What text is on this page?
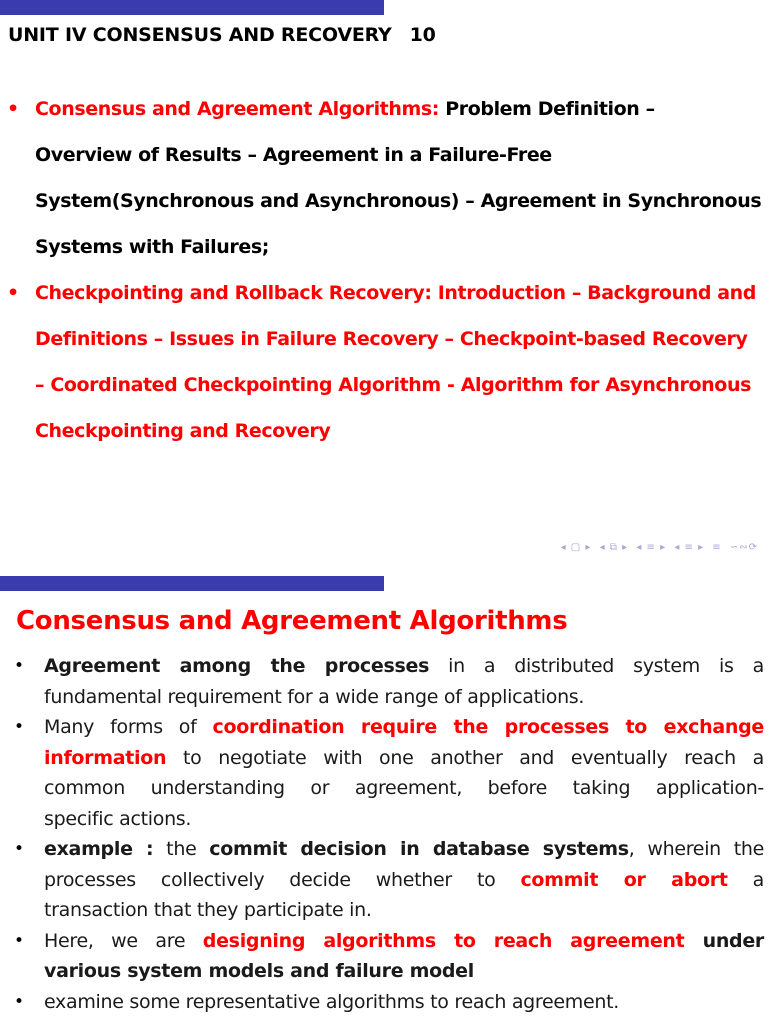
UNIT IV CONSENSUS AND RECOVERY 10
• Consensus and Agreement Algorithms: Problem Definition –
Overview of Results – Agreement in a Failure-Free
System(Synchronous and Asynchronous) – Agreement in Synchronous
Systems with Failures;
• Checkpointing and Rollback Recovery: Introduction – Background and
Definitions – Issues in Failure Recovery – Checkpoint-based Recovery
– Coordinated Checkpointing Algorithm - Algorithm for Asynchronous
Checkpointing and Recovery
◂ ▢ ▸ ◂ ⧉ ▸ ◂ ≡ ▸ ◂ ≡ ▸ ≡ ∽∾⟳
Consensus and Agreement Algorithms
• Agreement among the processes in a distributed system is a
fundamental requirement for a wide range of applications.
• Many forms of coordination require the processes to exchange
information to negotiate with one another and eventually reach a
common understanding or agreement, before taking application-
specific actions.
• example : the commit decision in database systems, wherein the
processes collectively decide whether to commit or abort a
transaction that they participate in.
• Here, we are designing algorithms to reach agreement under
various system models and failure model
• examine some representative algorithms to reach agreement.
